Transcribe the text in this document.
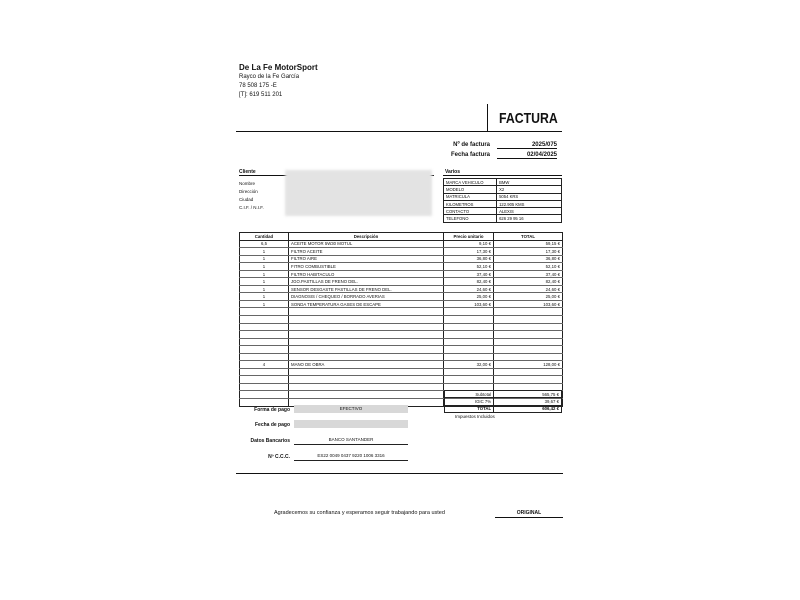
De La Fe MotorSport
Rayco de la Fe García
78 508 175 -E
[T]: 619 511 201
FACTURA
Nº de factura	2025/075
Fecha factura	02/04/2025
Cliente
Nombre
Dirección
Ciudad
C.I.F. / N.I.F.
Varios
MARCA VEHICULO	BMW
MODELO	X2
MATRICULA	5054 KRS
KILOMETROS	122.905 KMS
CONTACTO	ALEXIS
TELEFONO	626 29 95 16
Cantidad	Descripción	Precio unitario	TOTAL
6,5	ACEITE MOTOR 5W30 MOTUL	9,10 €	59,15 €
1	FILTRO ACEITE	17,30 €	17,30 €
1	FILTRO AIRE	36,80 €	36,80 €
1	FITRO COMBUSTIBLE	52,10 €	52,10 €
1	FILTRO HABITACULO	37,40 €	37,40 €
1	JGO.PASTILLAS DE FRENO DEL.	82,40 €	82,40 €
1	SENSOR DESGASTE PASTILLAS DE FRENO DEL.	24,60 €	24,60 €
1	DIAGNOSIS / CHEQUEO / BORRADO AVERIAS	25,00 €	25,00 €
1	SONDA TEMPERATURA GASES DE ESCAPE	103,60 €	103,60 €

4	MANO DE OBRA	32,00 €	128,00 €

Subtotal	565,75 €
IGIC 7%	39,67 €
TOTAL	606,42 €
Impuestos Incluidos
Forma de pago	EFECTIVO
Fecha de pago
Datos Bancarios	BANCO SANTANDER
Nº C.C.C.	ES22 0049 0437 9220 1006 3316
Agradecemos su confianza y esperamos seguir trabajando para usted	ORIGINAL
